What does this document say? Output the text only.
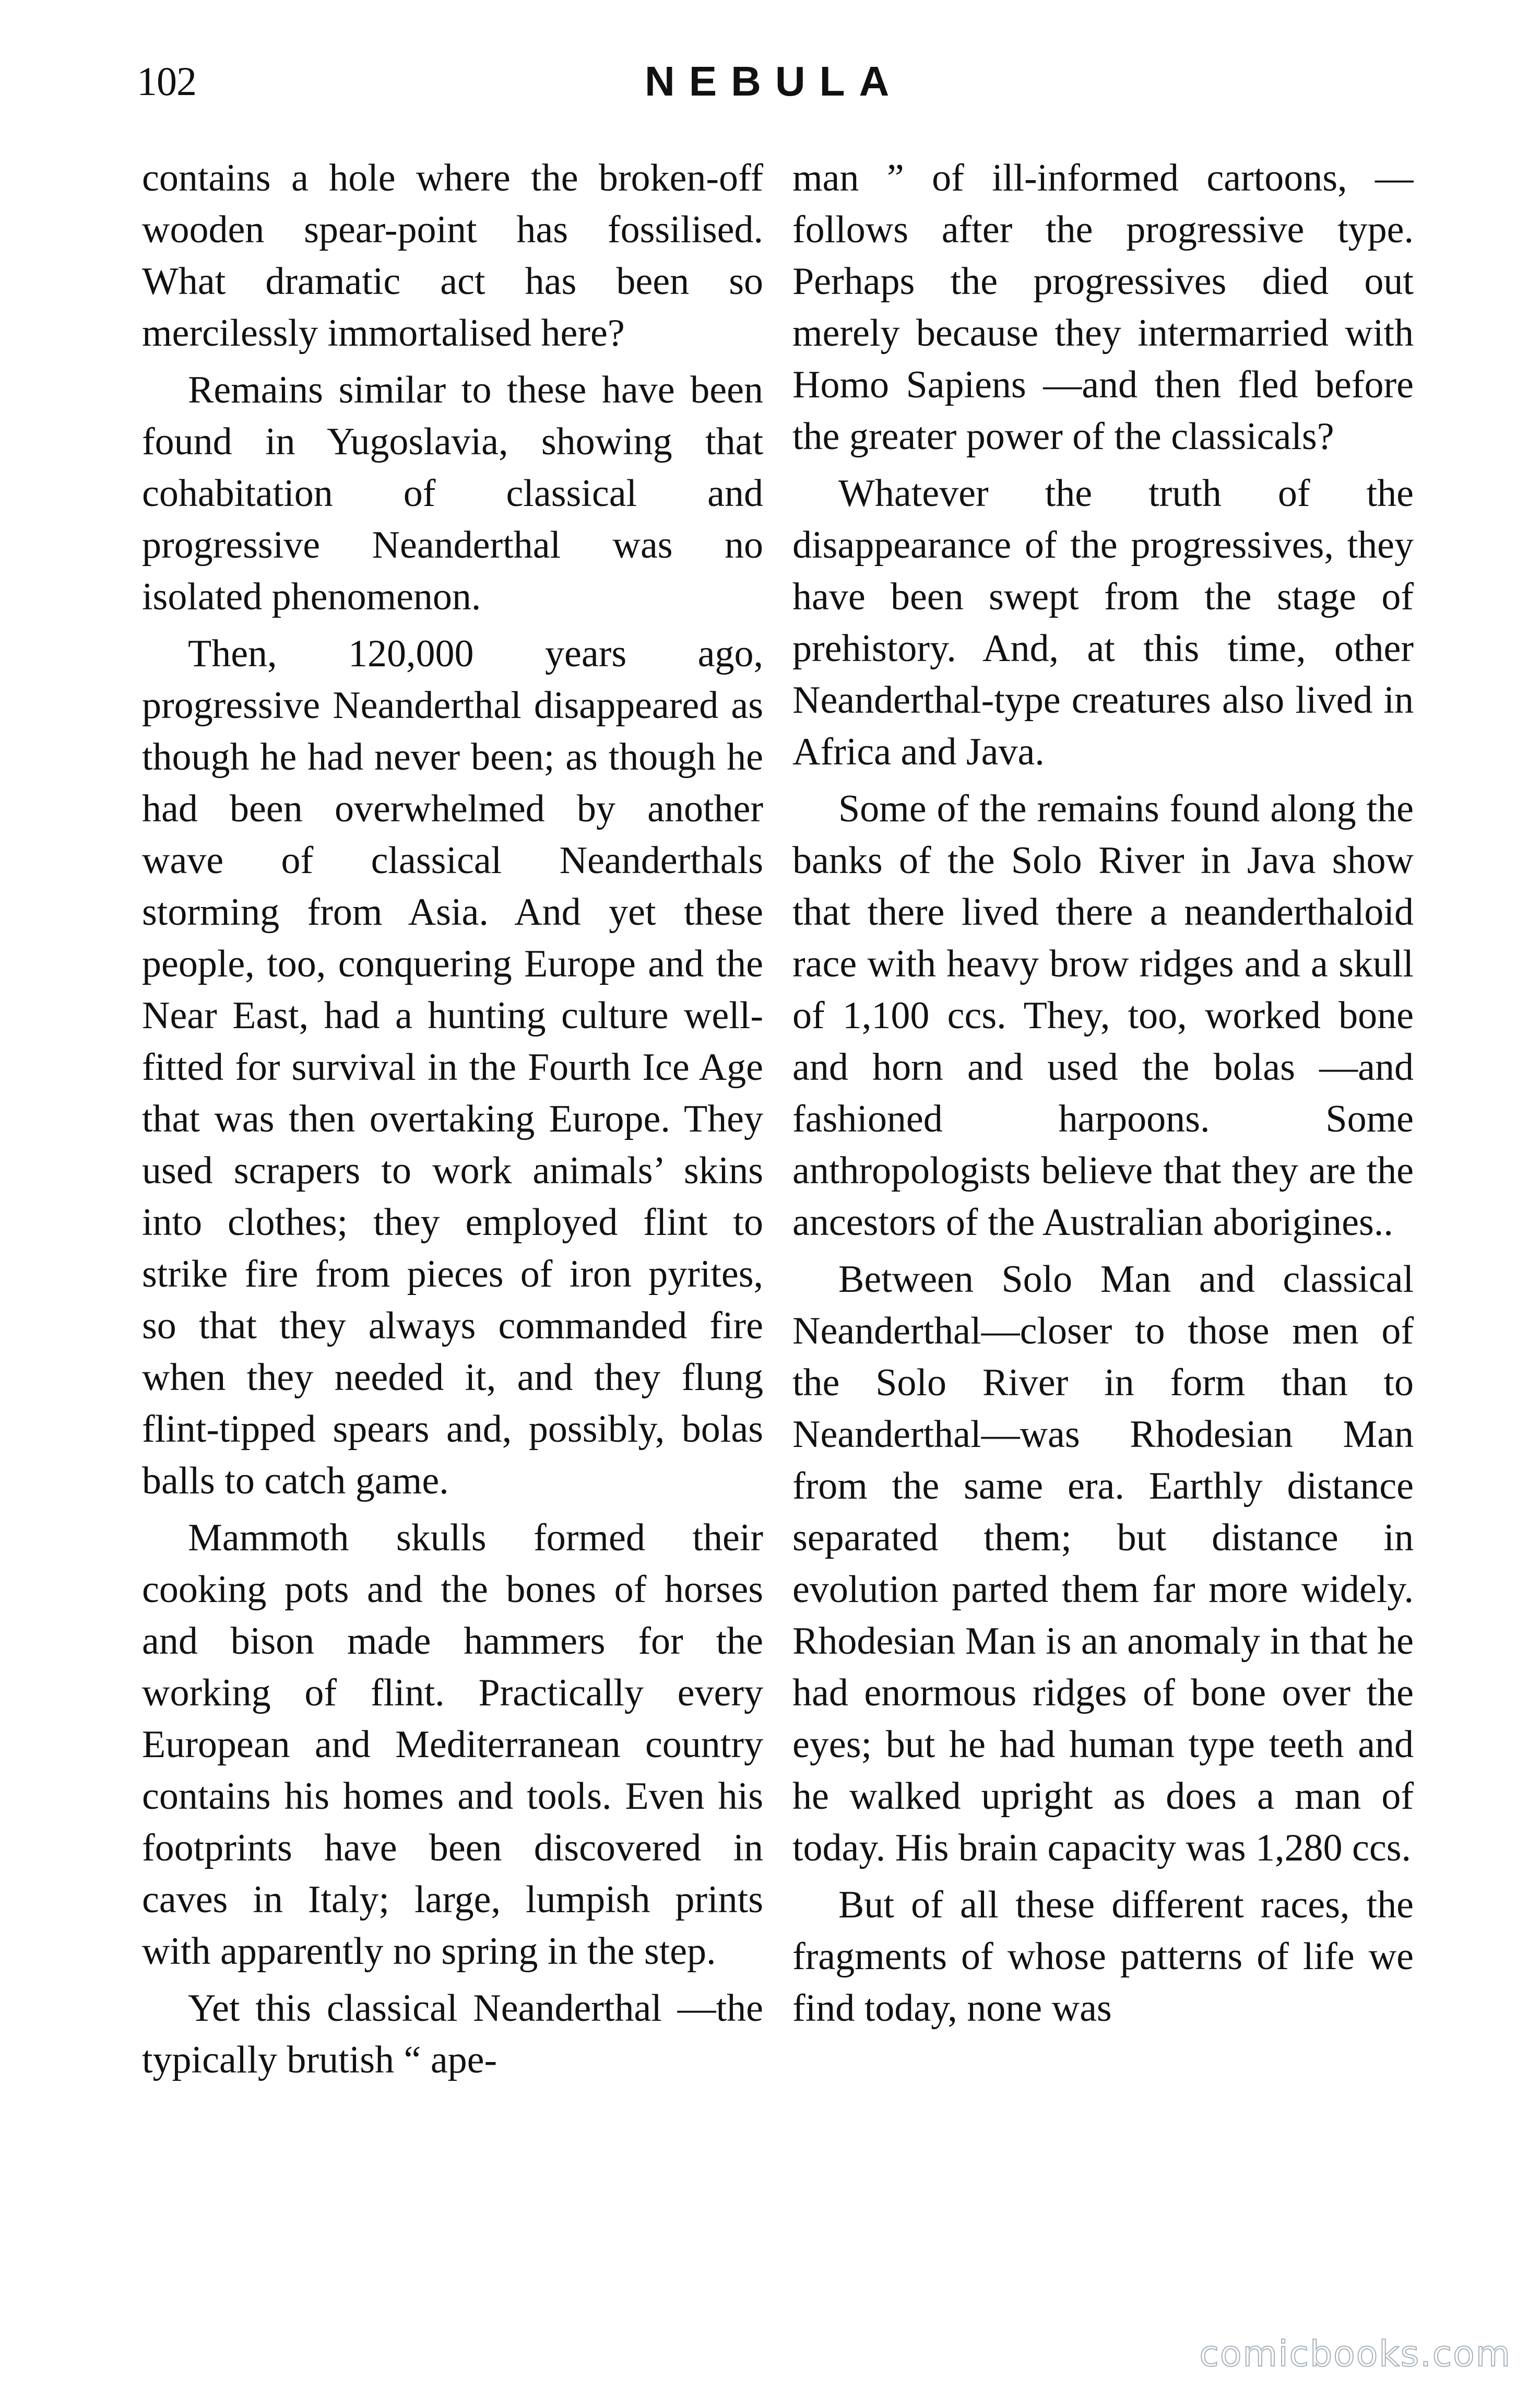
102	NEBULA

contains a hole where the broken-off wooden spear-point has fossilised. What dramatic act has been so mercilessly immortalised here?

Remains similar to these have been found in Yugoslavia, showing that cohabitation of classical and progressive Neanderthal was no isolated phenomenon.

Then, 120,000 years ago, progressive Neanderthal disappeared as though he had never been; as though he had been overwhelmed by another wave of classical Neanderthals storming from Asia. And yet these people, too, conquering Europe and the Near East, had a hunting culture well-fitted for survival in the Fourth Ice Age that was then overtaking Europe. They used scrapers to work animals’ skins into clothes; they employed flint to strike fire from pieces of iron pyrites, so that they always commanded fire when they needed it, and they flung flint-tipped spears and, possibly, bolas balls to catch game.

Mammoth skulls formed their cooking pots and the bones of horses and bison made hammers for the working of flint. Practically every European and Mediterranean country contains his homes and tools. Even his footprints have been discovered in caves in Italy; large, lumpish prints with apparently no spring in the step.

Yet this classical Neanderthal —the typically brutish “ ape-

man ” of ill-informed cartoons, —follows after the progressive type. Perhaps the progressives died out merely because they intermarried with Homo Sapiens —and then fled before the greater power of the classicals?

Whatever the truth of the disappearance of the progressives, they have been swept from the stage of prehistory. And, at this time, other Neanderthal-type creatures also lived in Africa and Java.

Some of the remains found along the banks of the Solo River in Java show that there lived there a neanderthaloid race with heavy brow ridges and a skull of 1,100 ccs. They, too, worked bone and horn and used the bolas —and fashioned harpoons. Some anthropologists believe that they are the ancestors of the Australian aborigines..

Between Solo Man and classical Neanderthal—closer to those men of the Solo River in form than to Neanderthal—was Rhodesian Man from the same era. Earthly distance separated them; but distance in evolution parted them far more widely. Rhodesian Man is an anomaly in that he had enormous ridges of bone over the eyes; but he had human type teeth and he walked upright as does a man of today. His brain capacity was 1,280 ccs.

But of all these different races, the fragments of whose patterns of life we find today, none was

comicbooks.com
